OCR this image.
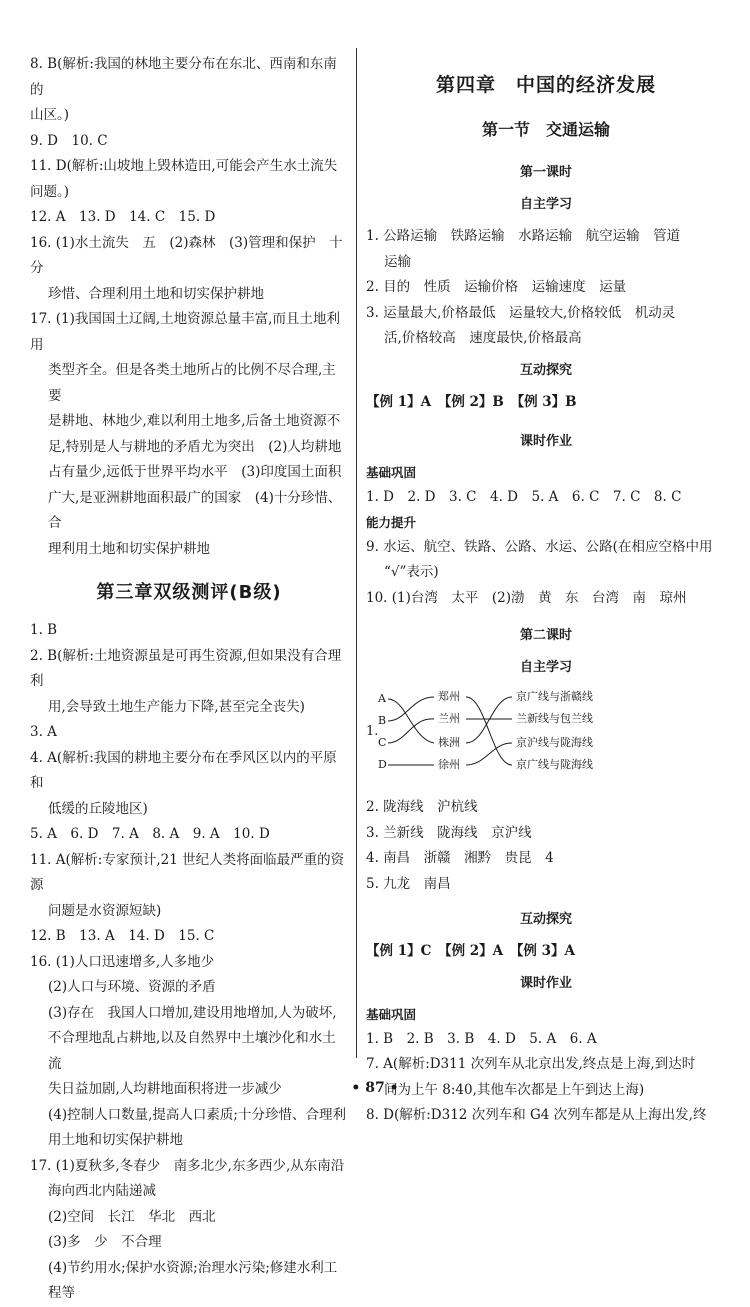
8. B(解析:我国的林地主要分布在东北、西南和东南的

山区。)

9. D　10. C

11. D(解析:山坡地上毁林造田,可能会产生水土流失

问题。)

12. A　13. D　14. C　15. D

16. (1)水土流失　五　(2)森林　(3)管理和保护　十分

珍惜、合理利用土地和切实保护耕地

17. (1)我国国土辽阔,土地资源总量丰富,而且土地利用

类型齐全。但是各类土地所占的比例不尽合理,主要

是耕地、林地少,难以利用土地多,后备土地资源不

足,特别是人与耕地的矛盾尤为突出　(2)人均耕地

占有量少,远低于世界平均水平　(3)印度国土面积

广大,是亚洲耕地面积最广的国家　(4)十分珍惜、合

理利用土地和切实保护耕地

第三章双级测评(B级)

1. B

2. B(解析:土地资源虽是可再生资源,但如果没有合理利

用,会导致土地生产能力下降,甚至完全丧失)

3. A

4. A(解析:我国的耕地主要分布在季风区以内的平原和

低缓的丘陵地区)

5. A　6. D　7. A　8. A　9. A　10. D

11. A(解析:专家预计,21 世纪人类将面临最严重的资源

问题是水资源短缺)

12. B　13. A　14. D　15. C

16. (1)人口迅速增多,人多地少

(2)人口与环境、资源的矛盾

(3)存在　我国人口增加,建设用地增加,人为破坏,

不合理地乱占耕地,以及自然界中土壤沙化和水土流

失日益加剧,人均耕地面积将进一步减少

(4)控制人口数量,提高人口素质;十分珍惜、合理利

用土地和切实保护耕地

17. (1)夏秋多,冬春少　南多北少,东多西少,从东南沿

海向西北内陆递减

(2)空间　长江　华北　西北

(3)多　少　不合理

(4)节约用水;保护水资源;治理水污染;修建水利工

程等

第四章　中国的经济发展
第一节　交通运输
第一课时
自主学习

1. 公路运输　铁路运输　水路运输　航空运输　管道

运输

2. 目的　性质　运输价格　运输速度　运量

3. 运量最大,价格最低　运量较大,价格较低　机动灵

活,价格较高　速度最快,价格最高

互动探究

【例 1】A　【例 2】B　【例 3】B

课时作业

基础巩固

1. D　2. D　3. C　4. D　5. A　6. C　7. C　8. C

能力提升

9. 水运、航空、铁路、公路、水运、公路(在相应空格中用

“√”表示)

10. (1)台湾　太平　(2)渤　黄　东　台湾　南　琼州

第二课时
自主学习
1.
A
B
C
D
郑州
兰州
株洲
徐州
京广线与浙赣线
兰新线与包兰线
京沪线与陇海线
京广线与陇海线

2. 陇海线　沪杭线

3. 兰新线　陇海线　京沪线

4. 南昌　浙赣　湘黔　贵昆　4

5. 九龙　南昌

互动探究

【例 1】C　【例 2】A　【例 3】A

课时作业

基础巩固

1. B　2. B　3. B　4. D　5. A　6. A

7. A(解析:D311 次列车从北京出发,终点是上海,到达时

间为上午 8:40,其他车次都是上午到达上海)

8. D(解析:D312 次列车和 G4 次列车都是从上海出发,终

• 87 •
